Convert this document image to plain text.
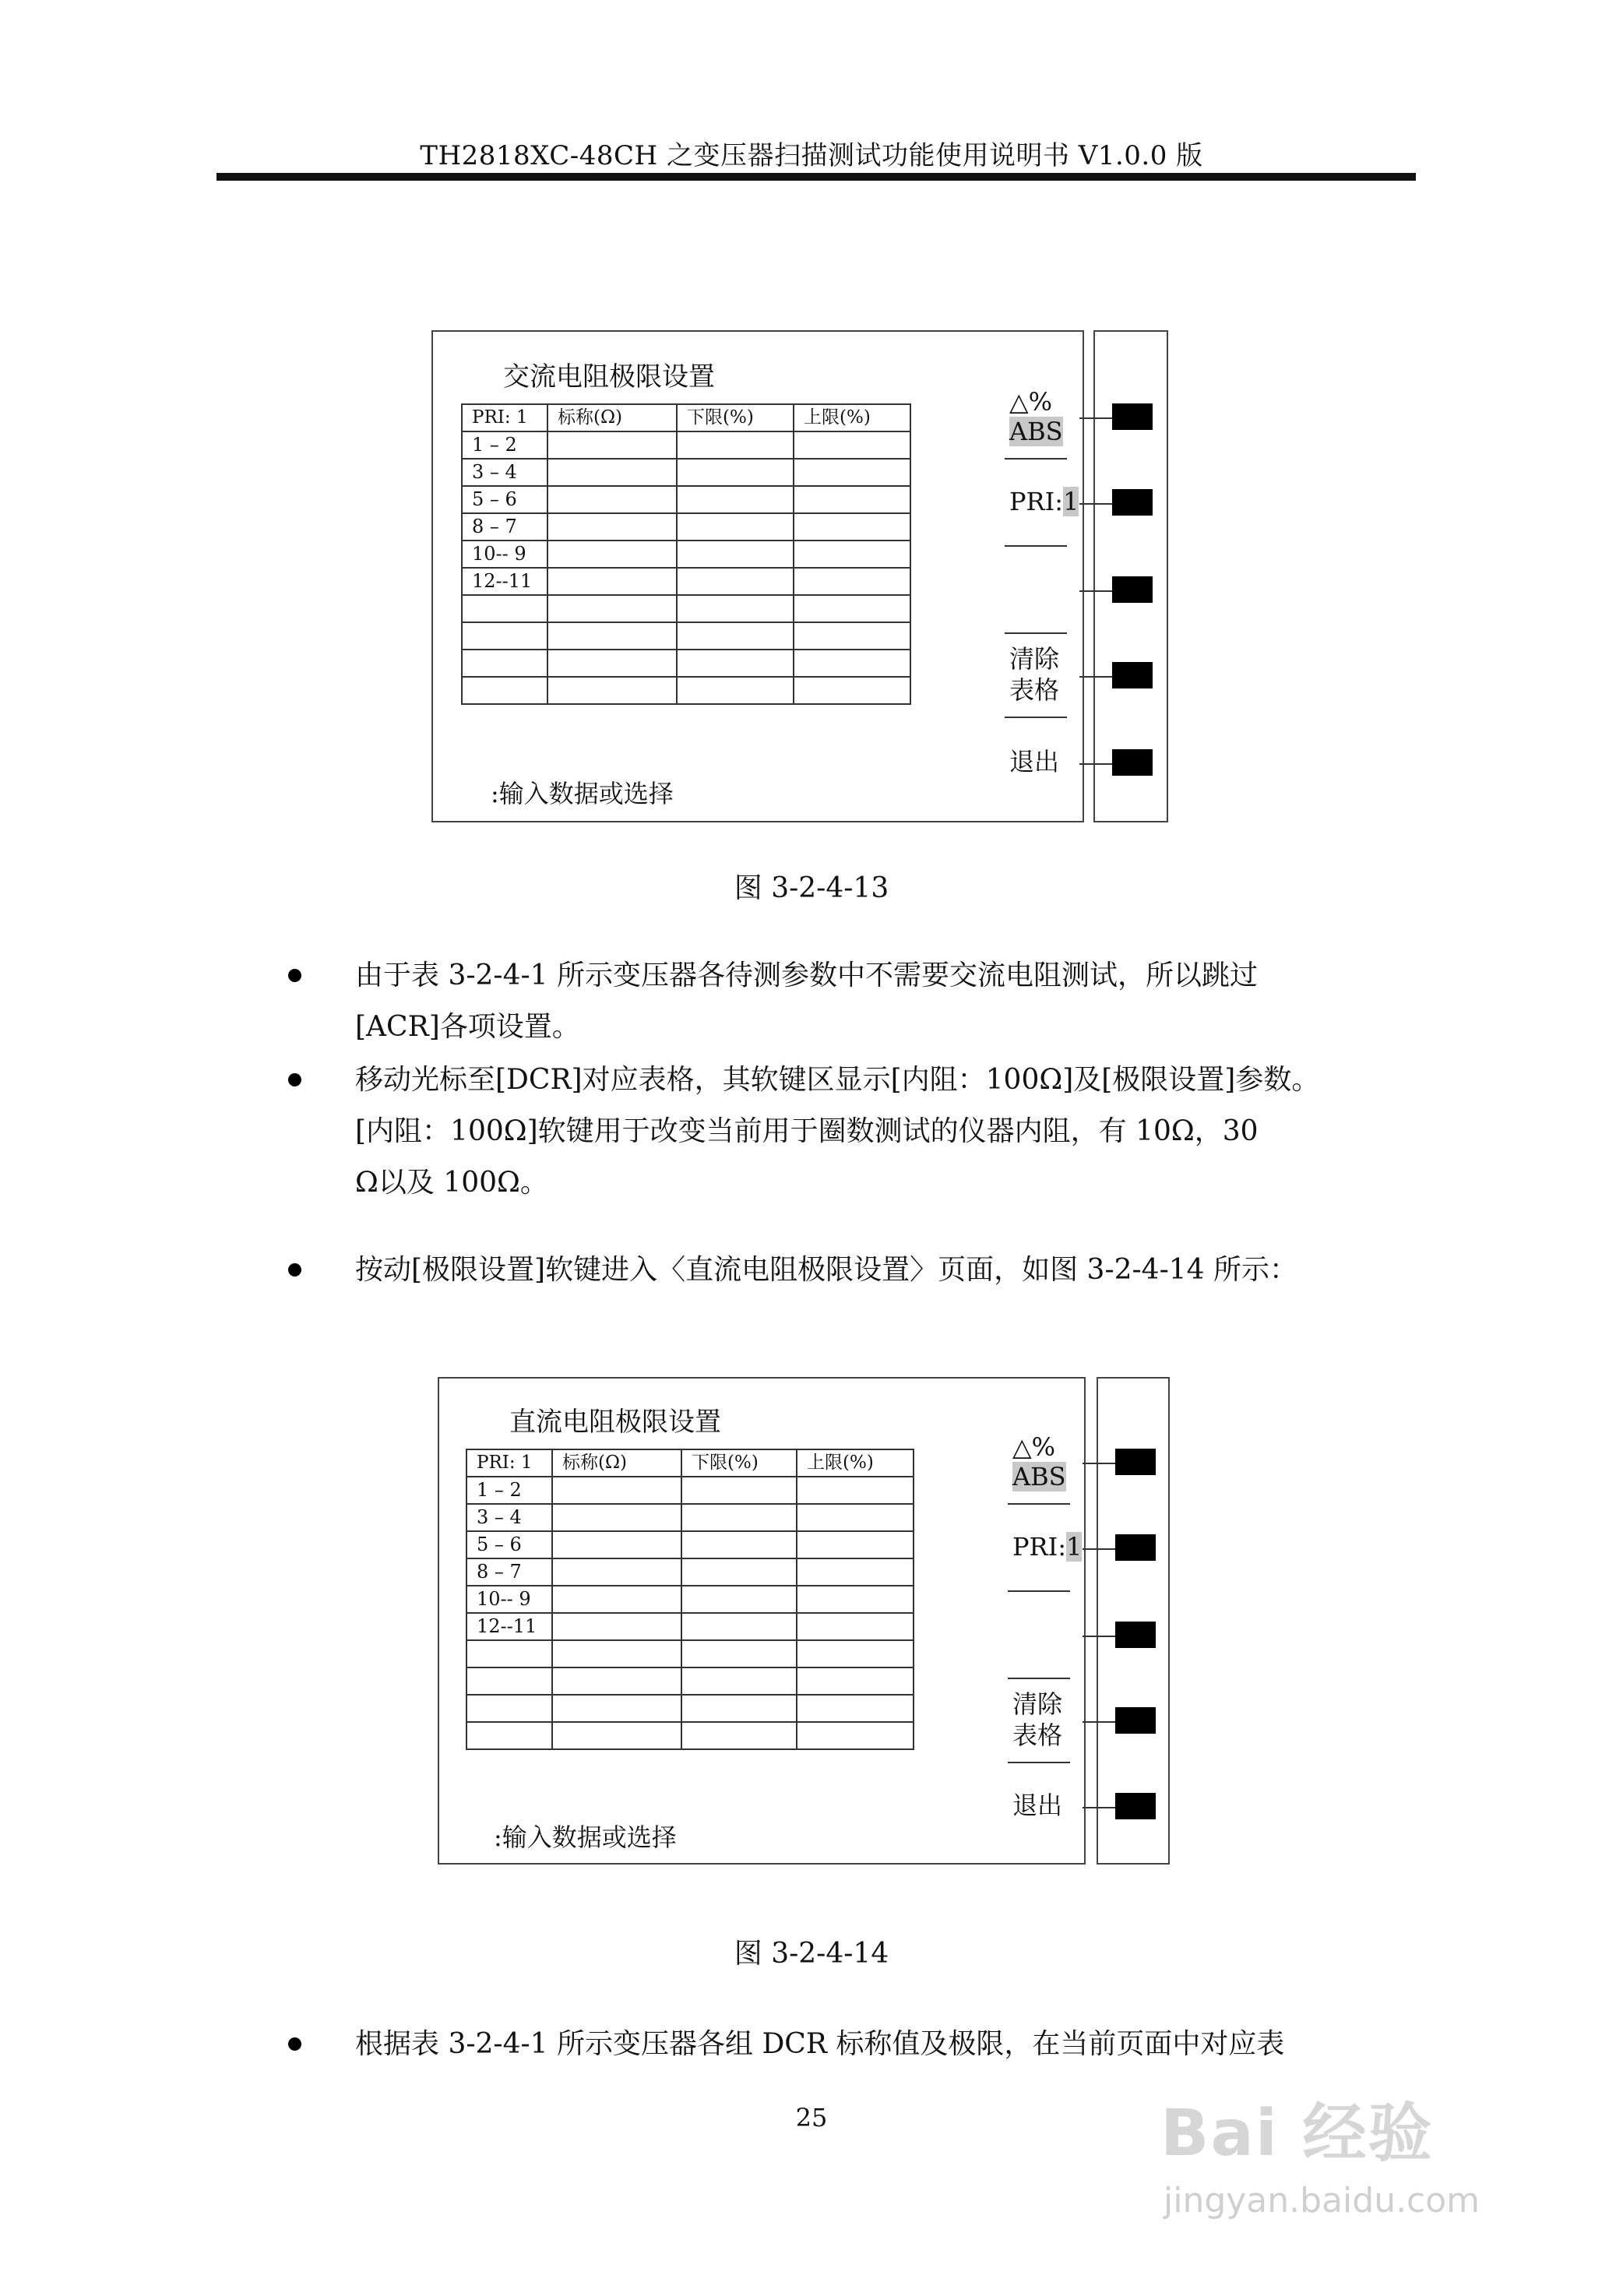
TH2818XC-48CH 之变压器扫描测试功能使用说明书 V1.0.0 版
交流电阻极限设置
PRI: 1	标称(Ω)	下限(%)	上限(%)
1 – 2			
3 – 4			
5 – 6			
8 – 7			
10-- 9			
12--11			

:输入数据或选择
△%
ABS
PRI:1
清除
表格
退出
图 3-2-4-13
由于表 3-2-4-1 所示变压器各待测参数中不需要交流电阻测试，所以跳过
[ACR]各项设置。
移动光标至[DCR]对应表格，其软键区显示[内阻：100Ω]及[极限设置]参数。
[内阻：100Ω]软键用于改变当前用于圈数测试的仪器内阻，有 10Ω，30
Ω以及 100Ω。
按动[极限设置]软键进入〈直流电阻极限设置〉页面，如图 3-2-4-14 所示：
直流电阻极限设置
PRI: 1	标称(Ω)	下限(%)	上限(%)
1 – 2			
3 – 4			
5 – 6			
8 – 7			
10-- 9			
12--11			

:输入数据或选择
△%
ABS
PRI:1
清除
表格
退出
图 3-2-4-14
根据表 3-2-4-1 所示变压器各组 DCR 标称值及极限，在当前页面中对应表
25	Bai 经验
jingyan.baidu.com
